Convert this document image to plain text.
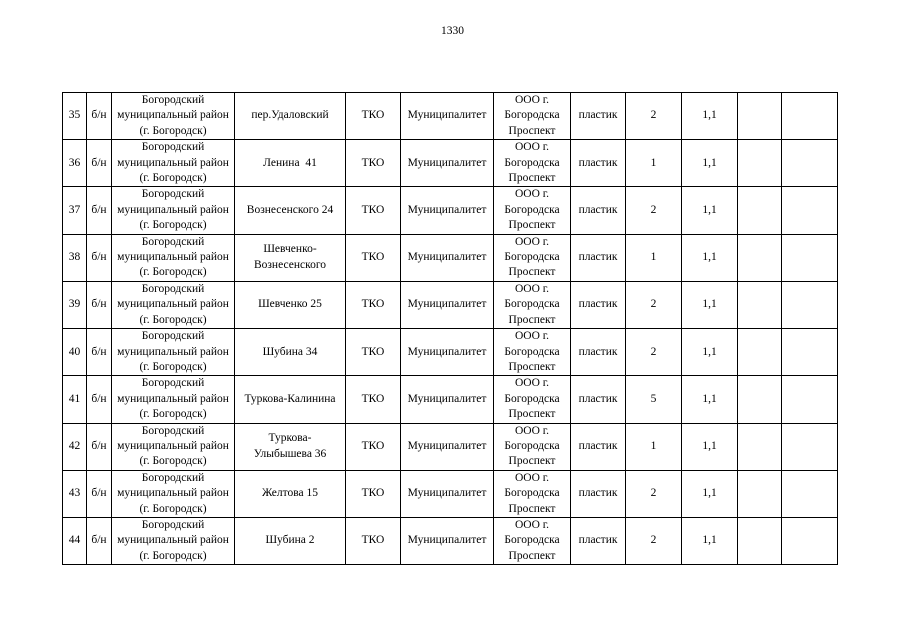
1330
35	б/н	Богородский
муниципальный район
(г. Богородск)	пер.Удаловский	ТКО	Муниципалитет	ООО г.
Богородска
Проспект	пластик	2	1,1		
36	б/н	Богородский
муниципальный район
(г. Богородск)	Ленина  41	ТКО	Муниципалитет	ООО г.
Богородска
Проспект	пластик	1	1,1		
37	б/н	Богородский
муниципальный район
(г. Богородск)	Вознесенского 24	ТКО	Муниципалитет	ООО г.
Богородска
Проспект	пластик	2	1,1		
38	б/н	Богородский
муниципальный район
(г. Богородск)	Шевченко-
Вознесенского	ТКО	Муниципалитет	ООО г.
Богородска
Проспект	пластик	1	1,1		
39	б/н	Богородский
муниципальный район
(г. Богородск)	Шевченко 25	ТКО	Муниципалитет	ООО г.
Богородска
Проспект	пластик	2	1,1		
40	б/н	Богородский
муниципальный район
(г. Богородск)	Шубина 34	ТКО	Муниципалитет	ООО г.
Богородска
Проспект	пластик	2	1,1		
41	б/н	Богородский
муниципальный район
(г. Богородск)	Туркова-Калинина	ТКО	Муниципалитет	ООО г.
Богородска
Проспект	пластик	5	1,1		
42	б/н	Богородский
муниципальный район
(г. Богородск)	Туркова-
Улыбышева 36	ТКО	Муниципалитет	ООО г.
Богородска
Проспект	пластик	1	1,1		
43	б/н	Богородский
муниципальный район
(г. Богородск)	Желтова 15	ТКО	Муниципалитет	ООО г.
Богородска
Проспект	пластик	2	1,1		
44	б/н	Богородский
муниципальный район
(г. Богородск)	Шубина 2	ТКО	Муниципалитет	ООО г.
Богородска
Проспект	пластик	2	1,1		
